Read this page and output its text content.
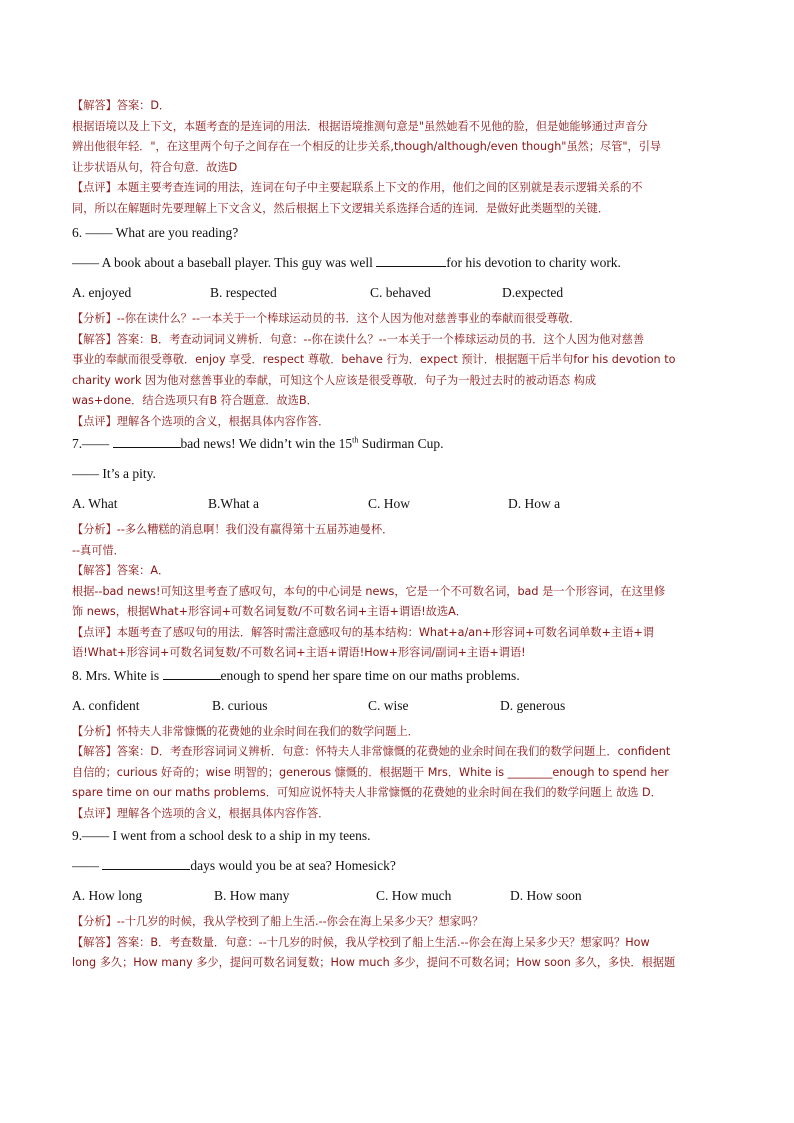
【解答】答案：D．

根据语境以及上下文，本题考查的是连词的用法．根据语境推测句意是"虽然她看不见他的脸，但是她能够通过声音分

辨出他很年轻．"，在这里两个句子之间存在一个相反的让步关系,though/although/even though"虽然；尽管"，引导

让步状语从句，符合句意．故选D

【点评】本题主要考查连词的用法，连词在句子中主要起联系上下文的作用，他们之间的区别就是表示逻辑关系的不

同，所以在解题时先要理解上下文含义，然后根据上下文逻辑关系选择合适的连词．是做好此类题型的关键．

6. —— What are you reading?

—— A book about a baseball player. This guy was well	for his devotion to charity work.

A. enjoyed	B. respected	C. behaved	D.expected

【分析】--你在读什么？--一本关于一个棒球运动员的书．这个人因为他对慈善事业的奉献而很受尊敬．

【解答】答案：B．考查动词词义辨析．句意：--你在读什么？--一本关于一个棒球运动员的书．这个人因为他对慈善

事业的奉献而很受尊敬．enjoy 享受．respect 尊敬．behave 行为．expect 预计．根据题干后半句for his devotion to

charity work 因为他对慈善事业的奉献，可知这个人应该是很受尊敬．句子为一般过去时的被动语态 构成

was+done．结合选项只有B 符合题意．故选B．

【点评】理解各个选项的含义，根据具体内容作答．

7.——	bad news! We didn’t win the 15th Sudirman Cup.

—— It’s a pity.

A. What	B.What a	C. How	D. How a

【分析】--多么糟糕的消息啊！我们没有赢得第十五届苏迪曼杯．

--真可惜．

【解答】答案：A．

根据--bad news!可知这里考查了感叹句，本句的中心词是 news，它是一个不可数名词，bad 是一个形容词，在这里修

饰 news，根据What+形容词+可数名词复数/不可数名词+主语+谓语!故选A．

【点评】本题考查了感叹句的用法．解答时需注意感叹句的基本结构：What+a/an+形容词+可数名词单数+主语+谓

语!What+形容词+可数名词复数/不可数名词+主语+谓语!How+形容词/副词+主语+谓语!

8. Mrs. White is	enough to spend her spare time on our maths problems.

A. confident	B. curious	C. wise	D. generous

【分析】怀特夫人非常慷慨的花费她的业余时间在我们的数学问题上．

【解答】答案：D．考查形容词词义辨析．句意：怀特夫人非常慷慨的花费她的业余时间在我们的数学问题上．confident

自信的；curious 好奇的；wise 明智的；generous 慷慨的．根据题干 Mrs．White is ________enough to spend her

spare time on our maths problems．可知应说怀特夫人非常慷慨的花费她的业余时间在我们的数学问题上 故选 D．

【点评】理解各个选项的含义，根据具体内容作答．

9.—— I went from a school desk to a ship in my teens.

——	days would you be at sea? Homesick?

A. How long	B. How many	C. How much	D. How soon

【分析】--十几岁的时候，我从学校到了船上生活.--你会在海上呆多少天？想家吗？

【解答】答案：B．考查数量．句意：--十几岁的时候，我从学校到了船上生活.--你会在海上呆多少天？想家吗？How

long 多久；How many 多少，提问可数名词复数；How much 多少，提问不可数名词；How soon 多久，多快．根据题
